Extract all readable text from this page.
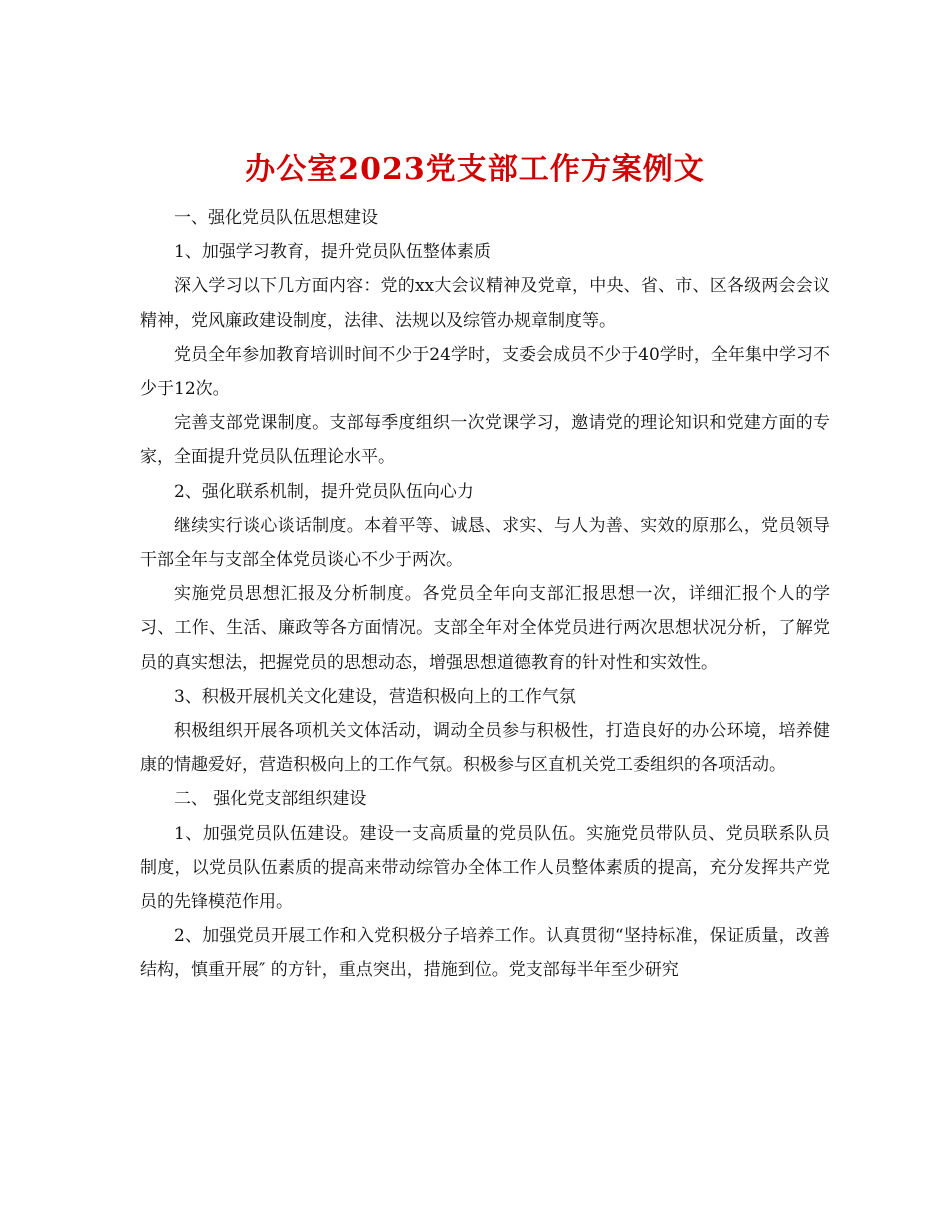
办公室2023党支部工作方案例文

一、强化党员队伍思想建设

1、加强学习教育，提升党员队伍整体素质

深入学习以下几方面内容：党的xx大会议精神及党章，中央、省、市、区各级两会会议精神，党风廉政建设制度，法律、法规以及综管办规章制度等。

党员全年参加教育培训时间不少于24学时，支委会成员不少于40学时，全年集中学习不少于12次。

完善支部党课制度。支部每季度组织一次党课学习，邀请党的理论知识和党建方面的专家，全面提升党员队伍理论水平。

2、强化联系机制，提升党员队伍向心力

继续实行谈心谈话制度。本着平等、诚恳、求实、与人为善、实效的原那么，党员领导干部全年与支部全体党员谈心不少于两次。

实施党员思想汇报及分析制度。各党员全年向支部汇报思想一次，详细汇报个人的学习、工作、生活、廉政等各方面情况。支部全年对全体党员进行两次思想状况分析，了解党员的真实想法，把握党员的思想动态，增强思想道德教育的针对性和实效性。

3、积极开展机关文化建设，营造积极向上的工作气氛

积极组织开展各项机关文体活动，调动全员参与积极性，打造良好的办公环境，培养健康的情趣爱好，营造积极向上的工作气氛。积极参与区直机关党工委组织的各项活动。

二、 强化党支部组织建设

1、加强党员队伍建设。建设一支高质量的党员队伍。实施党员带队员、党员联系队员制度，以党员队伍素质的提高来带动综管办全体工作人员整体素质的提高，充分发挥共产党员的先锋模范作用。

2、加强党员开展工作和入党积极分子培养工作。认真贯彻“坚持标准，保证质量，改善结构，慎重开展″ 的方针，重点突出，措施到位。党支部每半年至少研究
